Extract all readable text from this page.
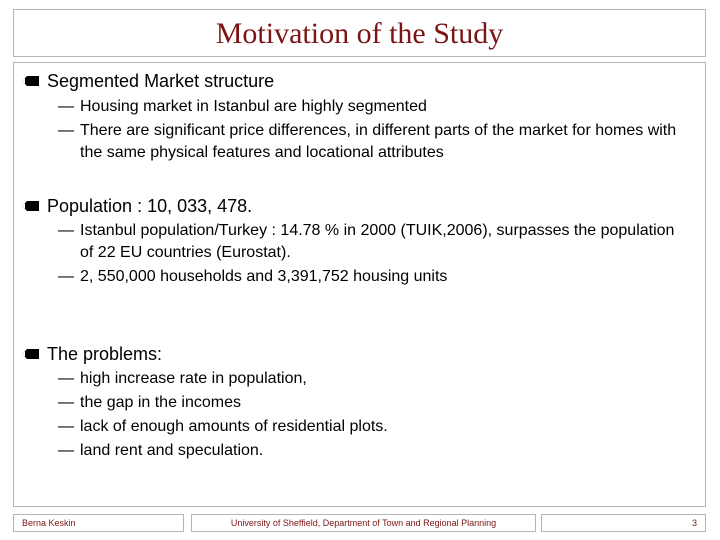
Motivation of the Study
Segmented Market structure
— Housing market in Istanbul are highly segmented
— There are significant price differences, in different parts of the market for homes with the same physical features and locational attributes
Population : 10, 033, 478.
— Istanbul population/Turkey : 14.78 % in 2000 (TUIK,2006), surpasses the population of 22 EU countries (Eurostat).
— 2, 550,000 households and 3,391,752 housing units
The problems:
— high increase rate in population,
— the gap in the incomes
— lack of enough amounts of residential plots.
— land rent and speculation.
Berna Keskin	University of Sheffield, Department of Town and Regional Planning	3
